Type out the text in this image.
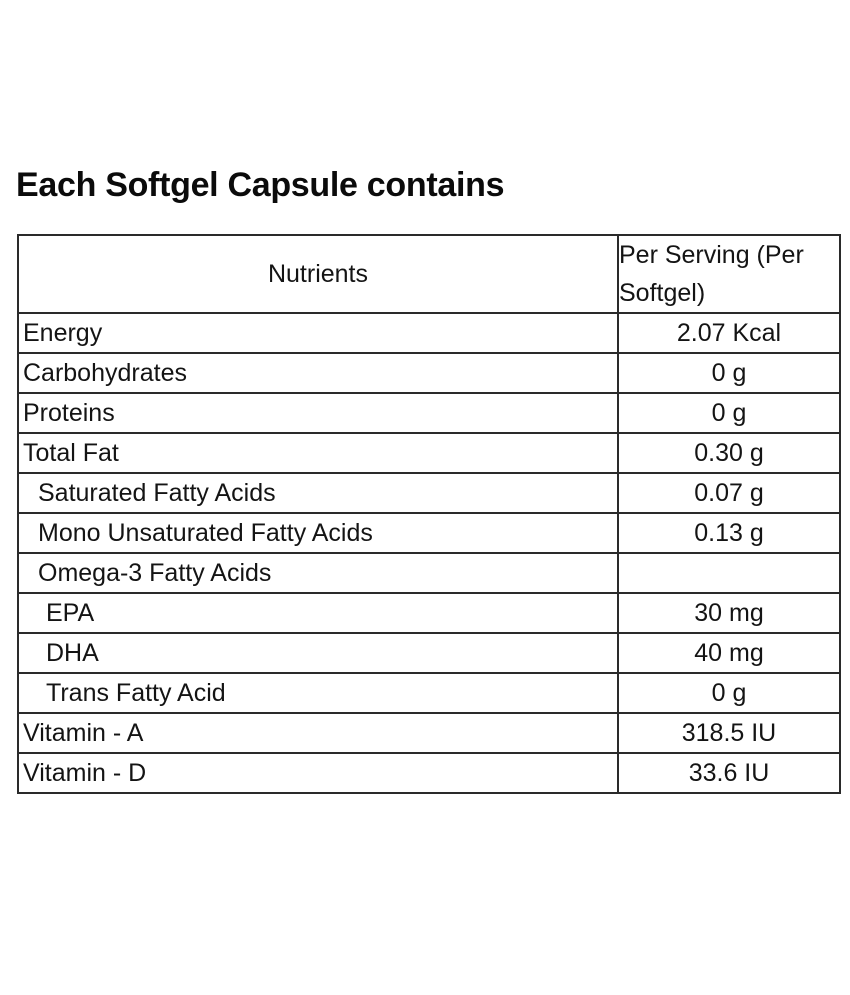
Each Softgel Capsule contains
Nutrients	Per Serving (Per Softgel)
Energy	2.07 Kcal
Carbohydrates	0 g
Proteins	0 g
Total Fat	0.30 g
Saturated Fatty Acids	0.07 g
Mono Unsaturated Fatty Acids	0.13 g
Omega-3 Fatty Acids	
EPA	30 mg
DHA	40 mg
Trans Fatty Acid	0 g
Vitamin - A	318.5 IU
Vitamin - D	33.6 IU
